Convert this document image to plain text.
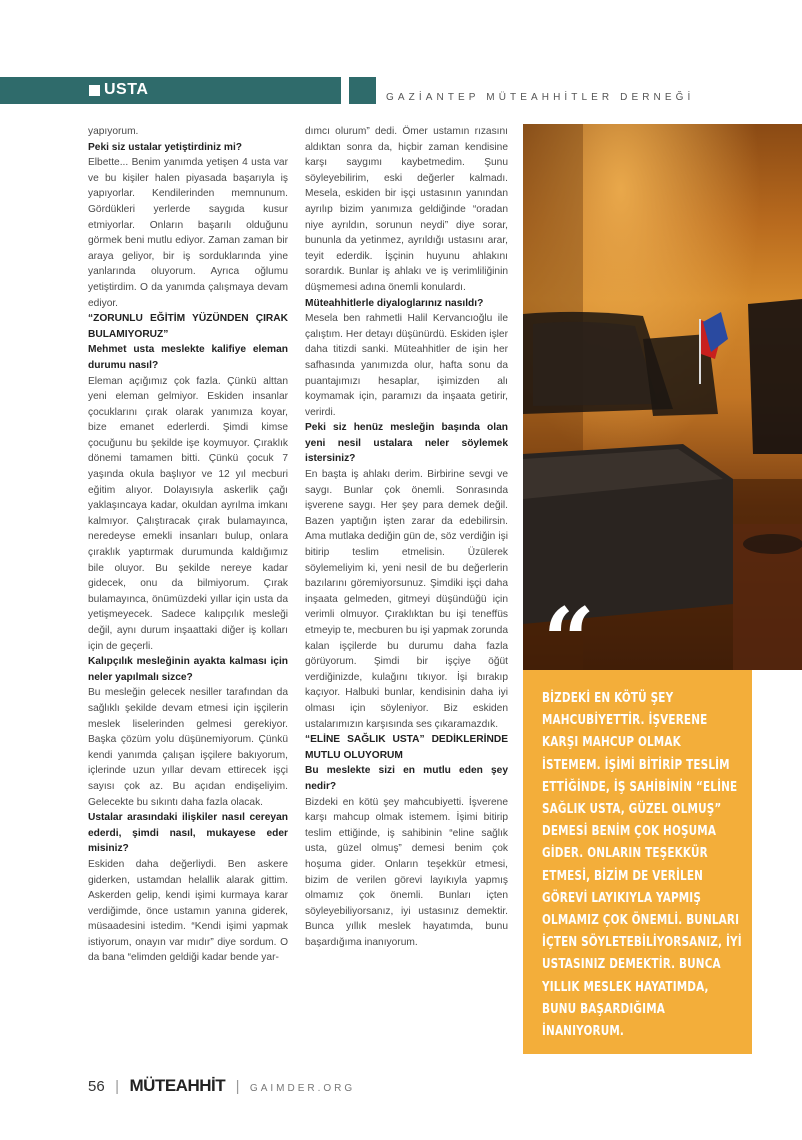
USTA	GAZİANTEP MÜTEAHHİTLER DERNEĞİ

yapıyorum.

Peki siz ustalar yetiştirdiniz mi?

Elbette... Benim yanımda yetişen 4 usta var ve bu kişiler halen piyasada başarıyla iş yapıyorlar. Kendilerinden memnunum. Gördükleri yerlerde saygıda kusur etmiyorlar. Onların başarılı olduğunu görmek beni mutlu ediyor. Zaman zaman bir araya geliyor, bir iş sorduklarında yine yanlarında oluyorum. Ayrıca oğlumu yetiştirdim. O da yanımda çalışmaya devam ediyor.

“ZORUNLU EĞİTİM YÜZÜNDEN ÇIRAK BULAMIYORUZ”

Mehmet usta meslekte kalifiye eleman durumu nasıl?

Eleman açığımız çok fazla. Çünkü alttan yeni eleman gelmiyor. Eskiden insanlar çocuklarını çırak olarak yanımıza koyar, bize emanet ederlerdi. Şimdi kimse çocuğunu bu şekilde işe koymuyor. Çıraklık dönemi tamamen bitti. Çünkü çocuk 7 yaşında okula başlıyor ve 12 yıl mecburi eğitim alıyor. Dolayısıyla askerlik çağı yaklaşıncaya kadar, okuldan ayrılma imkanı kalmıyor. Çalıştıracak çırak bulamayınca, neredeyse emekli insanları bulup, onlara çıraklık yaptırmak durumunda kaldığımız bile oluyor. Bu şekilde nereye kadar gidecek, onu da bilmiyorum. Çırak bulamayınca, önümüzdeki yıllar için usta da yetişmeyecek. Sadece kalıpçılık mesleği değil, aynı durum inşaattaki diğer iş kolları için de geçerli.

Kalıpçılık mesleğinin ayakta kalması için neler yapılmalı sizce?

Bu mesleğin gelecek nesiller tarafından da sağlıklı şekilde devam etmesi için işçilerin meslek liselerinden gelmesi gerekiyor. Başka çözüm yolu düşünemiyorum. Çünkü kendi yanımda çalışan işçilere bakıyorum, içlerinde uzun yıllar devam ettirecek işçi sayısı çok az. Bu açıdan endişeliyim. Gelecekte bu sıkıntı daha fazla olacak.

Ustalar arasındaki ilişkiler nasıl cereyan ederdi, şimdi nasıl, mukayese eder misiniz?

Eskiden daha değerliydi. Ben askere giderken, ustamdan helallik alarak gittim. Askerden gelip, kendi işimi kurmaya karar verdiğimde, önce ustamın yanına giderek, müsaadesini istedim. “Kendi işimi yapmak istiyorum, onayın var mıdır” diye sordum. O da bana “elimden geldiği kadar bende yar-

dımcı olurum” dedi. Ömer ustamın rızasını aldıktan sonra da, hiçbir zaman kendisine karşı saygımı kaybetmedim. Şunu söyleyebilirim, eski değerler kalmadı. Mesela, eskiden bir işçi ustasının yanından ayrılıp bizim yanımıza geldiğinde “oradan niye ayrıldın, sorunun neydi” diye sorar, bununla da yetinmez, ayrıldığı ustasını arar, teyit ederdik. İşçinin huyunu ahlakını sorardık. Bunlar iş ahlakı ve iş verimliliğinin düşmemesi adına önemli konulardı.

Müteahhitlerle diyaloglarınız nasıldı?

Mesela ben rahmetli Halil Kervancıoğlu ile çalıştım. Her detayı düşünürdü. Eskiden işler daha titizdi sanki. Müteahhitler de işin her safhasında yanımızda olur, hafta sonu da puantajımızı hesaplar, işimizden alı koymamak için, paramızı da inşaata getirir, verirdi.

Peki siz henüz mesleğin başında olan yeni nesil ustalara neler söylemek istersiniz?

En başta iş ahlakı derim. Birbirine sevgi ve saygı. Bunlar çok önemli. Sonrasında işverene saygı. Her şey para demek değil. Bazen yaptığın işten zarar da edebilirsin. Ama mutlaka dediğin gün de, söz verdiğin işi bitirip teslim etmelisin. Üzülerek söylemeliyim ki, yeni nesil de bu değerlerin bazılarını göremiyorsunuz. Şimdiki işçi daha inşaata gelmeden, gitmeyi düşündüğü için verimli olmuyor. Çıraklıktan bu işi teneffüs etmeyip te, mecburen bu işi yapmak zorunda kalan işçilerde bu durumu daha fazla görüyorum. Şimdi bir işçiye öğüt verdiğinizde, kulağını tıkıyor. İşi bırakıp kaçıyor. Halbuki bunlar, kendisinin daha iyi olması için söyleniyor. Biz eskiden ustalarımızın karşısında ses çıkaramazdık.

“ELİNE SAĞLIK USTA” DEDİKLERİNDE MUTLU OLUYORUM

Bu meslekte sizi en mutlu eden şey nedir?

Bizdeki en kötü şey mahcubiyetti. İşverene karşı mahcup olmak istemem. İşimi bitirip teslim ettiğinde, iş sahibinin “eline sağlık usta, güzel olmuş” demesi benim çok hoşuma gider. Onların teşekkür etmesi, bizim de verilen görevi layıkıyla yapmış olmamız çok önemli. Bunları içten söyleyebiliyorsanız, iyi ustasınız demektir. Bunca yıllık meslek hayatımda, bunu başardığıma inanıyorum.

“
BİZDEKİ EN KÖTÜ ŞEY MAHCUBİYETTİR. İŞVERENE KARŞI MAHCUP OLMAK İSTEMEM. İŞİMİ BİTİRİP TESLİM ETTİĞİNDE, İŞ SAHİBİNİN “ELİNE SAĞLIK USTA, GÜZEL OLMUŞ” DEMESİ BENİM ÇOK HOŞUMA GİDER. ONLARIN TEŞEKKÜR ETMESİ, BİZİM DE VERİLEN GÖREVİ LAYIKIYLA YAPMIŞ OLMAMIZ ÇOK ÖNEMLİ. BUNLARI İÇTEN SÖYLETEBİLİYORSANIZ, İYİ USTASINIZ DEMEKTİR. BUNCA YILLIK MESLEK HAYATIMDA, BUNU BAŞARDIĞIMA İNANIYORUM.
56 | MÜTEAHHİT | GAIMDER.ORG
